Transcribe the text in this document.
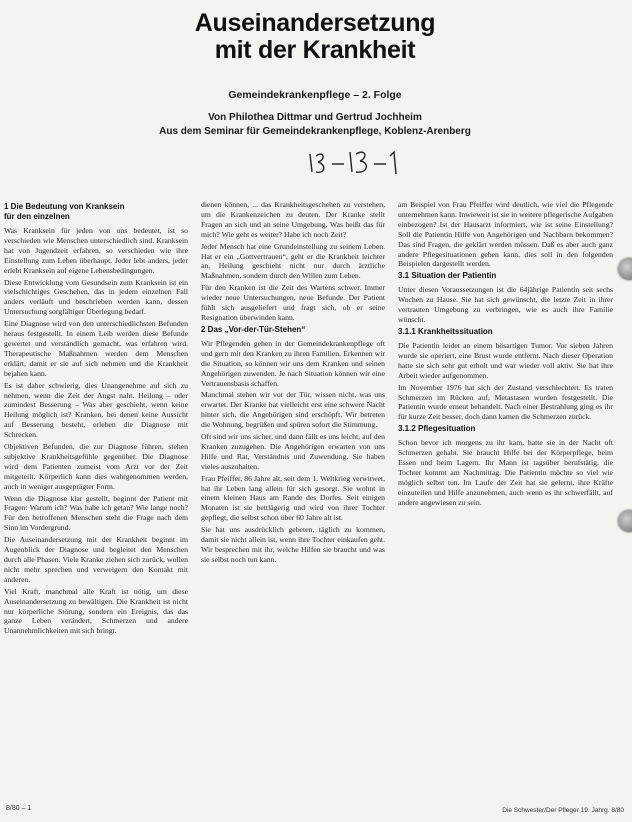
Auseinandersetzung
mit der Krankheit
Gemeindekrankenpflege – 2. Folge
Von Philothea Dittmar und Gertrud Jochheim
Aus dem Seminar für Gemeindekrankenpflege, Koblenz-Arenberg
1 Die Bedeutung von Kranksein
für den einzelnen

Was Kranksein für jeden von uns bedeutet, ist so verschieden wie Menschen unterschiedlich sind. Kranksein hat von Jugendzeit erfahren, so verschieden wie ihre Einstellung zum Leben überhaupt. Jeder lebt anders, jeder erlebt Kranksein auf eigene Lebensbedingungen.

Diese Entwicklung vom Gesundsein zum Kranksein ist ein vielschichtiges Geschehen, das in jedem einzelnen Fall anders verläuft und beschrieben werden kann, dessen Untersuchung sorgfältiger Überlegung bedarf.

Eine Diagnose wird von den unterschiedlichsten Befunden heraus festgestellt. In einem Leib werden diese Befunde gewertet und verständlich gemacht, was erfahren wird. Therapeutische Maßnahmen werden dem Menschen erklärt, damit er sie auf sich nehmen und die Krankheit bejahen kann.

Es ist daher schwierig, dies Unangenehme auf sich zu nehmen, wenn die Zeit der Angst naht. Heilung – oder zumindest Besserung – Was aber geschieht, wenn keine Heilung möglich ist? Kranken, bei denen keine Aussicht auf Besserung besteht, erleben die Diagnose mit Schrecken.

Objektiven Befunden, die zur Diagnose führen, stehen subjektive Krankheitsgefühle gegenüber. Die Diagnose wird dem Patienten zumeist vom Arzt vor der Zeit mitgeteilt. Körperlich kann dies wahrgenommen werden, auch in weniger ausgeprägter Form.

Wenn die Diagnose klar gestellt, beginnt der Patient mit Fragen: Warum ich? Was habe ich getan? Wie lange noch? Für den betroffenen Menschen steht die Frage nach dem Sinn im Vordergrund.

Die Auseinandersetzung mit der Krankheit beginnt im Augenblick der Diagnose und begleitet den Menschen durch alle Phasen. Viele Kranke ziehen sich zurück, wollen nicht mehr sprechen und verweigern den Kontakt mit anderen.

Viel Kraft, manchmal alle Kraft ist nötig, um diese Auseinandersetzung zu bewältigen. Die Krankheit ist nicht nur körperliche Störung, sondern ein Ereignis, das das ganze Leben verändert, Schmerzen und andere Unannehmlichkeiten mit sich bringt.

dienen können, ... das Krankheitsgeschehen zu verstehen, um die Krankenzeichen zu deuten. Der Kranke stellt Fragen an sich und an seine Umgebung, Was heißt das für mich? Wie geht es weiter? Habe ich noch Zeit?

Jeder Mensch hat eine Grundeinstellung zu seinem Leben. Hat er ein „Gottvertrauen“, geht er die Krankheit leichter an. Heilung geschieht nicht nur durch ärztliche Maßnahmen, sondern durch den Willen zum Leben.

Für den Kranken ist die Zeit des Wartens schwer. Immer wieder neue Untersuchungen, neue Befunde. Der Patient fühlt sich ausgeliefert und fragt sich, ob er seine Resignation überwinden kann.

2 Das „Vor-der-Tür-Stehen“

Wir Pflegenden gehen in der Gemeindekrankenpflege oft und gern mit den Kranken zu ihren Familien. Erkennen wir die Situation, so können wir uns dem Kranken und seinen Angehörigen zuwenden. Je nach Situation können wir eine Vertrauensbasis schaffen.

Manchmal stehen wir vor der Tür, wissen nicht, was uns erwartet. Der Kranke hat vielleicht erst eine schwere Nacht hinter sich, die Angehörigen sind erschöpft. Wir betreten die Wohnung, begrüßen und spüren sofort die Stimmung.

Oft sind wir uns sicher, und dann fällt es uns leicht, auf den Kranken zuzugehen. Die Angehörigen erwarten von uns Hilfe und Rat, Verständnis und Zuwendung. Sie haben vieles auszuhalten.

Frau Pfeiffer, 86 Jahre alt, seit dem 1. Weltkrieg verwitwet, hat ihr Leben lang allein für sich gesorgt. Sie wohnt in einem kleinen Haus am Rande des Dorfes. Seit einigen Monaten ist sie bettlägerig und wird von ihrer Tochter gepflegt, die selbst schon über 60 Jahre alt ist.

Sie hat uns ausdrücklich gebeten, täglich zu kommen, damit sie nicht allein ist, wenn ihre Tochter einkaufen geht. Wir besprechen mit ihr, welche Hilfen sie braucht und was sie selbst noch tun kann.

am Beispiel von Frau Pfeiffer wird deutlich, wie viel die Pflegende unternehmen kann. Inwieweit ist sie in weitere pflegerische Aufgaben einbezogen? Ist der Hausarzt informiert, wie ist seine Einstellung? Soll die Patientin Hilfe von Angehörigen und Nachbarn bekommen? Das sind Fragen, die geklärt werden müssen. Daß es aber auch ganz andere Pflegesituationen geben kann, dies soll in den folgenden Beispielen dargestellt werden.

3.1 Situation der Patientin

Unter diesen Voraussetzungen ist die 64jährige Patientin seit sechs Wochen zu Hause. Sie hat sich gewünscht, die letzte Zeit in ihrer vertrauten Umgebung zu verbringen, wie es auch ihre Familie wünscht.

3.1.1 Krankheitssituation

Die Patientin leidet an einem bösartigen Tumor. Vor sieben Jahren wurde sie operiert, eine Brust wurde entfernt. Nach dieser Operation hatte sie sich sehr gut erholt und war wieder voll aktiv. Sie hat ihre Arbeit wieder aufgenommen.

Im November 1976 hat sich der Zustand verschlechtert. Es traten Schmerzen im Rücken auf, Metastasen wurden festgestellt. Die Patientin wurde erneut behandelt. Nach einer Bestrahlung ging es ihr für kurze Zeit besser, doch dann kamen die Schmerzen zurück.

3.1.2 Pflegesituation

Schon bevor ich morgens zu ihr kam, hatte sie in der Nacht oft Schmerzen gehabt. Sie braucht Hilfe bei der Körperpflege, beim Essen und beim Lagern. Ihr Mann ist tagsüber berufstätig, die Tochter kommt am Nachmittag. Die Patientin möchte so viel wie möglich selbst tun. Im Laufe der Zeit hat sie gelernt, ihre Kräfte einzuteilen und Hilfe anzunehmen, auch wenn es ihr schwerfällt, auf andere angewiesen zu sein.

8/80 – 1	Die Schwester/Der Pfleger 19. Jahrg. 8/80
